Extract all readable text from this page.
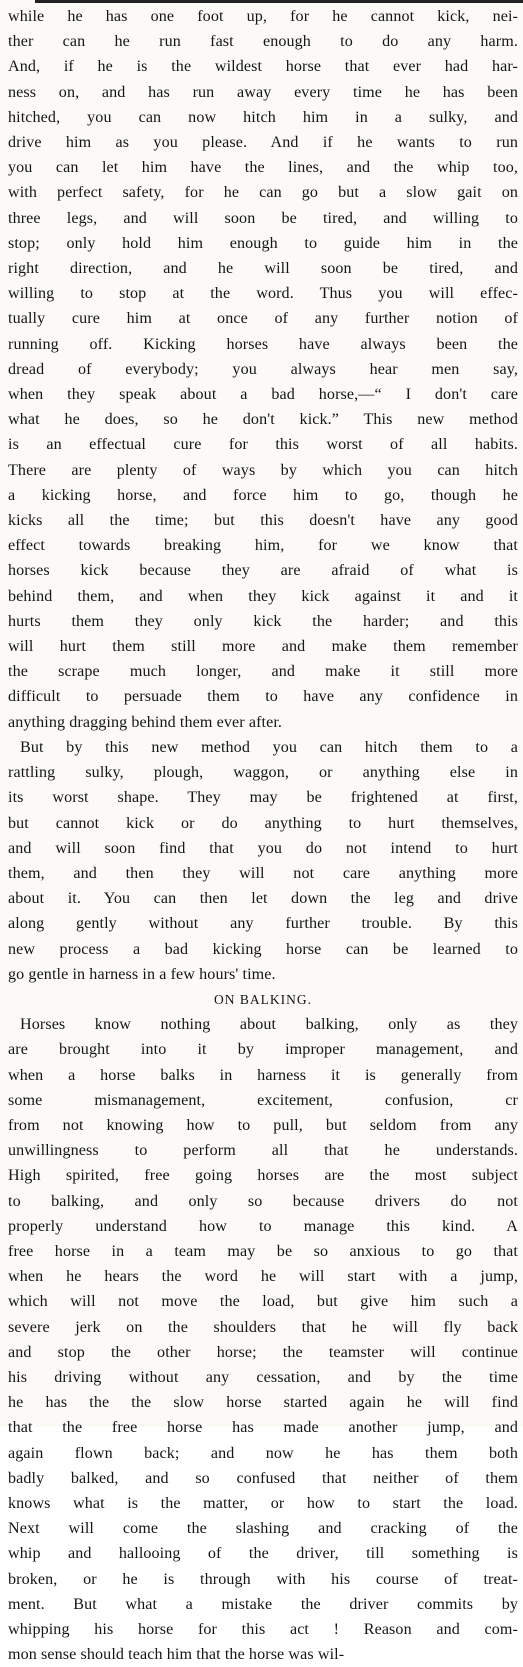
while he has one foot up, for he cannot kick, nei-

ther can he run fast enough to do any harm.

And, if he is the wildest horse that ever had har-

ness on, and has run away every time he has been

hitched, you can now hitch him in a sulky, and

drive him as you please. And if he wants to run

you can let him have the lines, and the whip too,

with perfect safety, for he can go but a slow gait on

three legs, and will soon be tired, and willing to

stop; only hold him enough to guide him in the

right direction, and he will soon be tired, and

willing to stop at the word. Thus you will effec-

tually cure him at once of any further notion of

running off. Kicking horses have always been the

dread of everybody; you always hear men say,

when they speak about a bad horse,—“ I don't care

what he does, so he don't kick.” This new method

is an effectual cure for this worst of all habits.

There are plenty of ways by which you can hitch

a kicking horse, and force him to go, though he

kicks all the time; but this doesn't have any good

effect towards breaking him, for we know that

horses kick because they are afraid of what is

behind them, and when they kick against it and it

hurts them they only kick the harder; and this

will hurt them still more and make them remember

the scrape much longer, and make it still more

difficult to persuade them to have any confidence in

anything dragging behind them ever after.

But by this new method you can hitch them to a

rattling sulky, plough, waggon, or anything else in

its worst shape. They may be frightened at first,

but cannot kick or do anything to hurt themselves,

and will soon find that you do not intend to hurt

them, and then they will not care anything more

about it. You can then let down the leg and drive

along gently without any further trouble. By this

new process a bad kicking horse can be learned to

go gentle in harness in a few hours' time.

ON BALKING.

Horses know nothing about balking, only as they

are brought into it by improper management, and

when a horse balks in harness it is generally from

some mismanagement, excitement, confusion, cr

from not knowing how to pull, but seldom from any

unwillingness to perform all that he understands.

High spirited, free going horses are the most subject

to balking, and only so because drivers do not

properly understand how to manage this kind. A

free horse in a team may be so anxious to go that

when he hears the word he will start with a jump,

which will not move the load, but give him such a

severe jerk on the shoulders that he will fly back

and stop the other horse; the teamster will continue

his driving without any cessation, and by the time

he has the the slow horse started again he will find

that the free horse has made another jump, and

again flown back; and now he has them both

badly balked, and so confused that neither of them

knows what is the matter, or how to start the load.

Next will come the slashing and cracking of the

whip and hallooing of the driver, till something is

broken, or he is through with his course of treat-

ment. But what a mistake the driver commits by

whipping his horse for this act ! Reason and com-

mon sense should teach him that the horse was wil-
